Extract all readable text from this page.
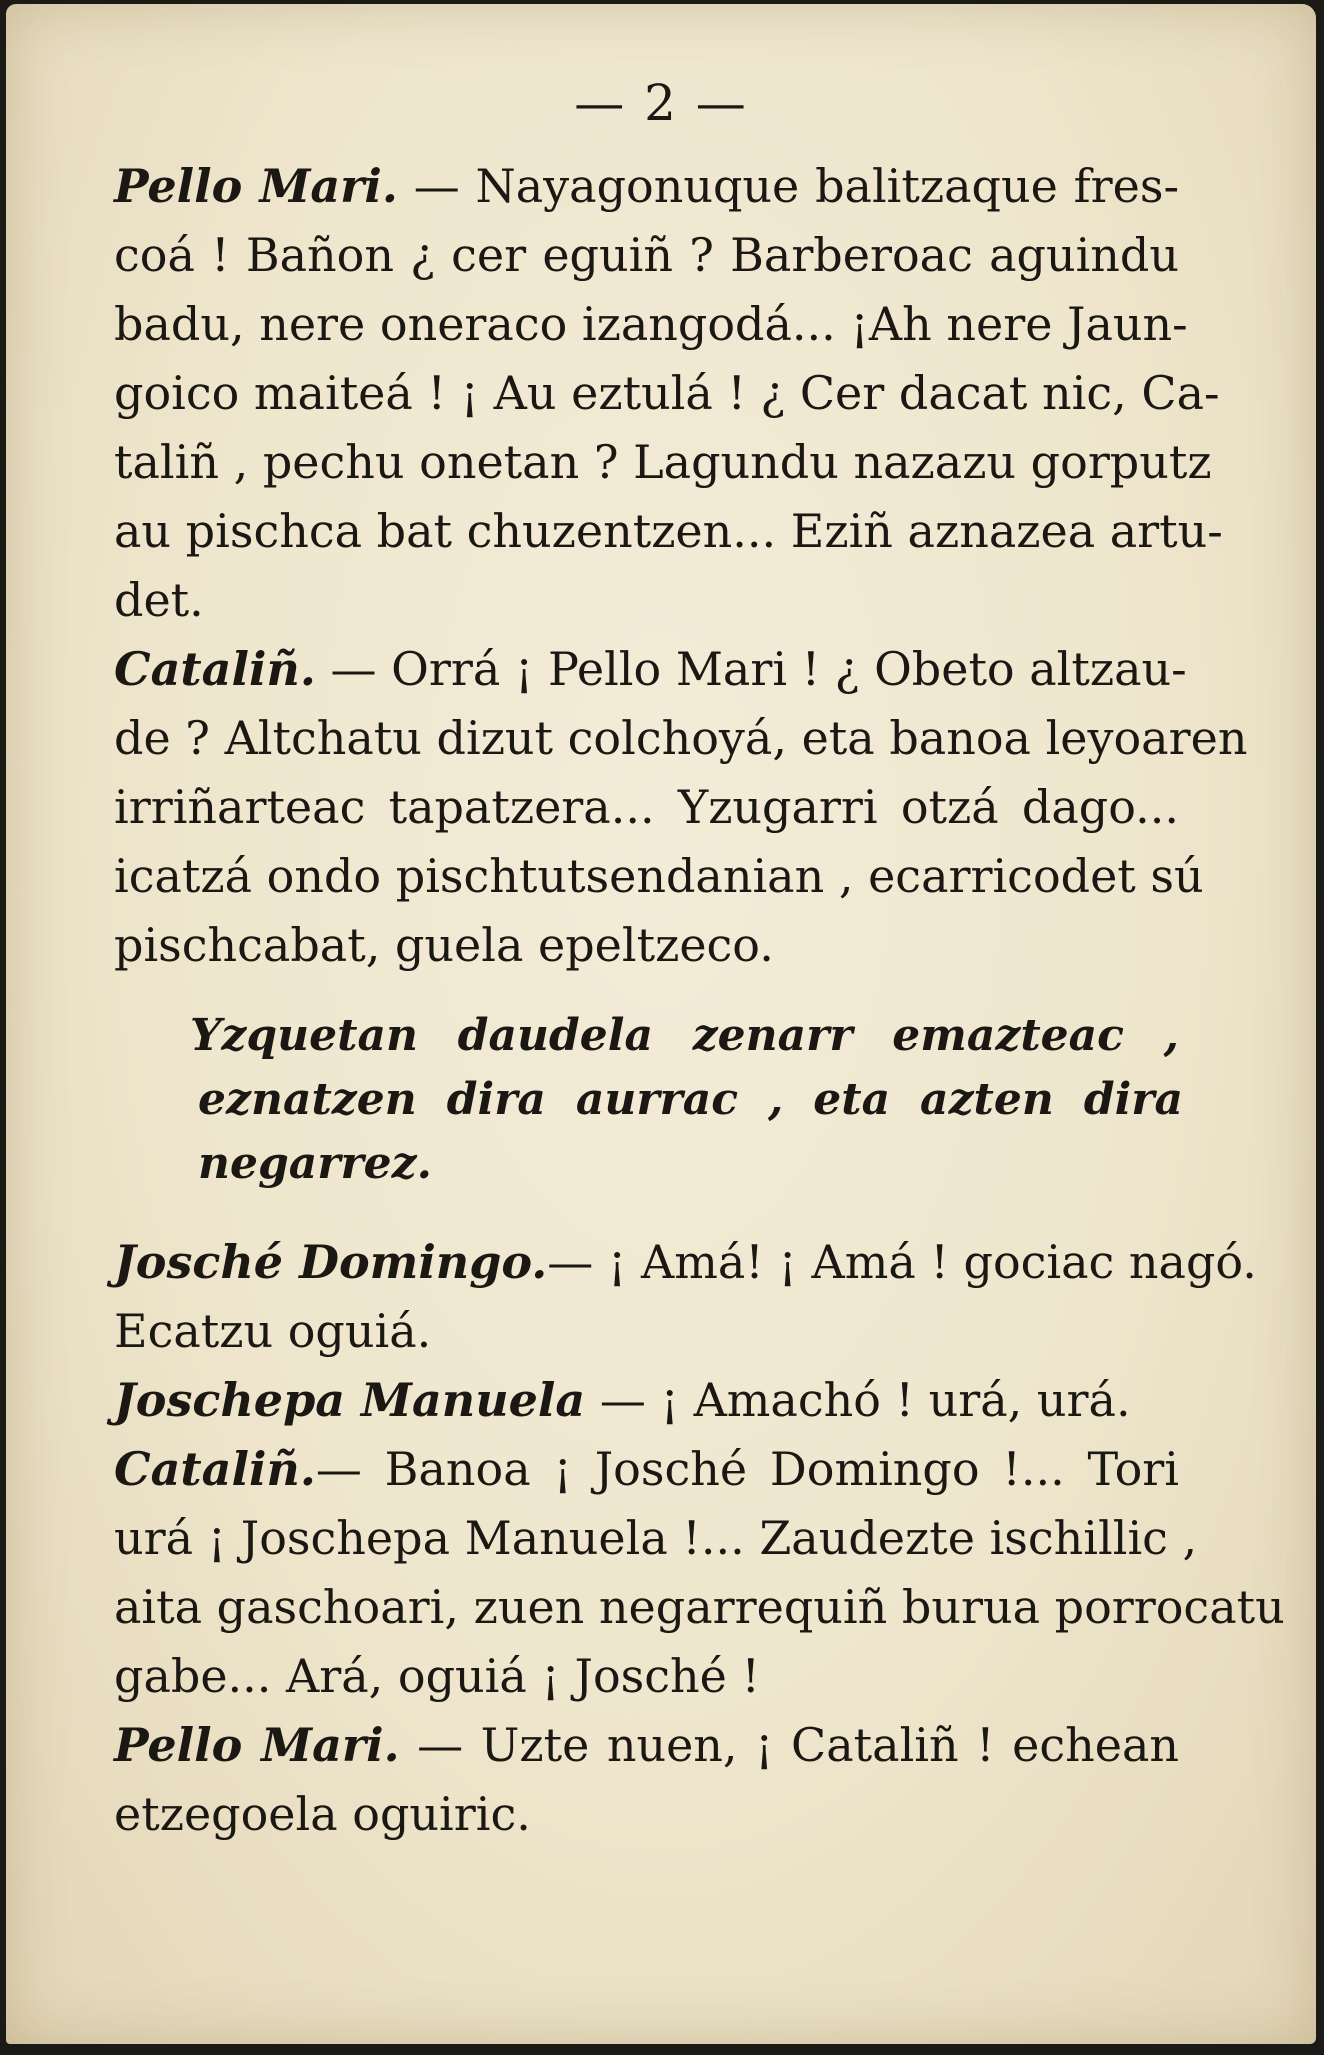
— 2 —

Pello Mari. — Nayagonuque balitzaque fres-

coá ! Bañon ¿ cer eguiñ ? Barberoac aguindu

badu, nere oneraco izangodá... ¡Ah nere Jaun-

goico maiteá ! ¡ Au eztulá ! ¿ Cer dacat nic, Ca-

taliñ , pechu onetan ? Lagundu nazazu gorputz

au pischca bat chuzentzen... Eziñ aznazea artu-

det.

Cataliñ. — Orrá ¡ Pello Mari ! ¿ Obeto altzau-

de ? Altchatu dizut colchoyá, eta banoa leyoaren

irriñarteac tapatzera... Yzugarri otzá dago...

icatzá ondo pischtutsendanian , ecarricodet sú

pischcabat, guela epeltzeco.

Yzquetan daudela zenarr emazteac ,

eznatzen dira aurrac , eta azten dira

negarrez.

Josché Domingo.— ¡ Amá! ¡ Amá ! gociac nagó.

Ecatzu oguiá.

Joschepa Manuela — ¡ Amachó ! urá, urá.

Cataliñ.— Banoa ¡ Josché Domingo !... Tori

urá ¡ Joschepa Manuela !... Zaudezte ischillic ,

aita gaschoari, zuen negarrequiñ burua porrocatu

gabe... Ará, oguiá ¡ Josché !

Pello Mari. — Uzte nuen, ¡ Cataliñ ! echean

etzegoela oguiric.
